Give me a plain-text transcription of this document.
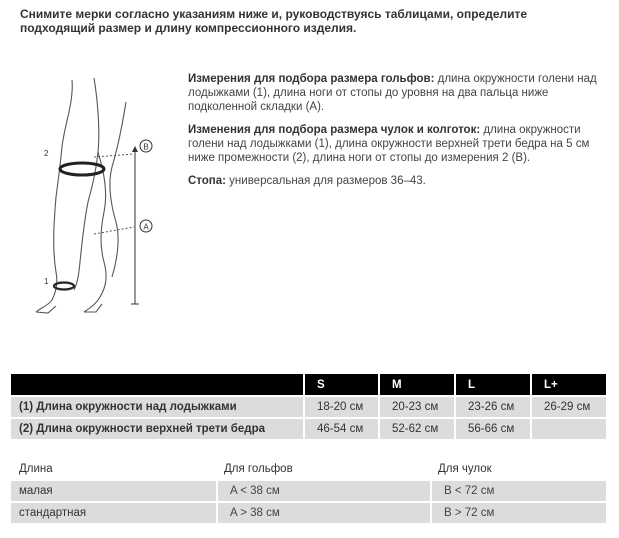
Снимите мерки согласно указаниям ниже и, руководствуясь таблицами, определите подходящий размер и длину компрессионного изделия.
B
A
2
1

Измерения для подбора размера гольфов: длина окружности голени над лодыжками (1), длина ноги от стопы до уровня на два пальца ниже подколенной складки (A).

Изменения для подбора размера чулок и колготок: длина окружности голени над лодыжками (1), длина окружности верхней трети бедра на 5 см ниже промежности (2), длина ноги от стопы до измерения 2 (B).

Стопа: универсальная для размеров 36–43.

	S	M	L	L+
(1) Длина окружности над лодыжками	18-20 см	20-23 см	23-26 см	26-29 см
(2) Длина окружности верхней трети бедра	46-54 см	52-62 см	56-66 см	
Длина	Для гольфов	Для чулок
малая	A < 38 см	B < 72 см
стандартная	A > 38 см	B > 72 см
